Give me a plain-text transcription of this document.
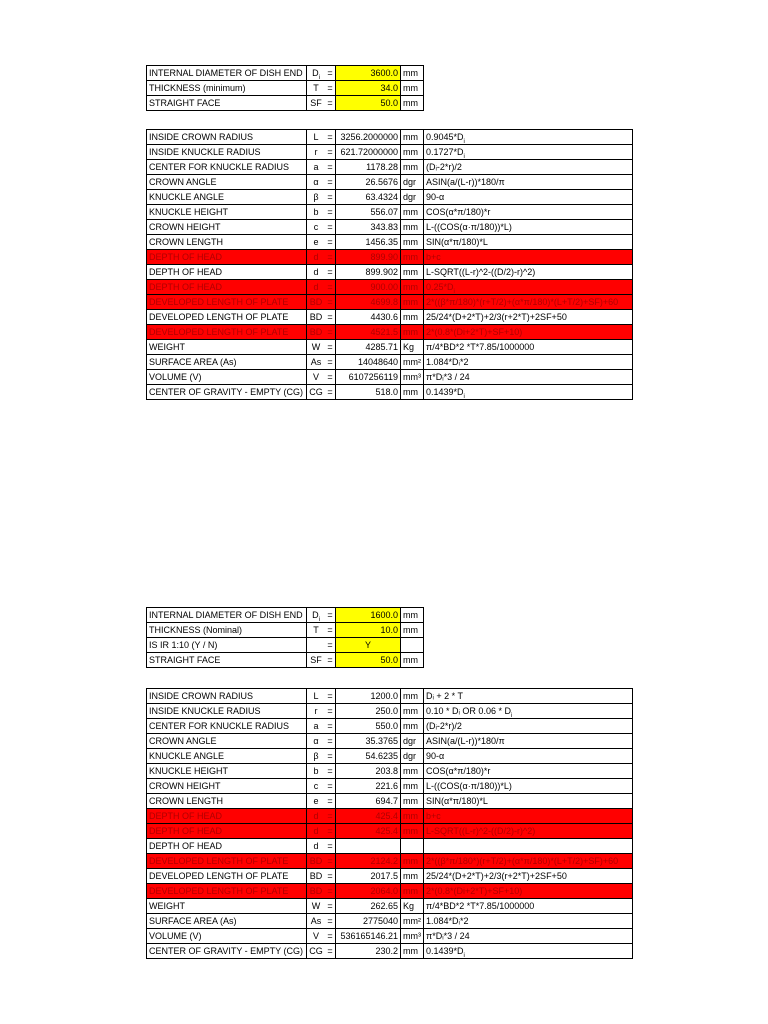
INTERNAL DIAMETER OF DISH END	$D_i$	=	3600.0	mm
THICKNESS (minimum)	T	=	34.0	mm
STRAIGHT FACE	SF	=	50.0	mm
INSIDE CROWN RADIUS	L	=	3256.2000000	mm	$0.9045*D_i$
INSIDE KNUCKLE RADIUS	r	=	621.72000000	mm	$0.1727*D_i$
CENTER FOR KNUCKLE RADIUS	a	=	1178.28	mm	(Dᵢ-2*r)/2
CROWN ANGLE	α	=	26.5676	dgr	ASIN(a/(L-r))*180/π
KNUCKLE ANGLE	β	=	63.4324	dgr	90-α
KNUCKLE HEIGHT	b	=	556.07	mm	COS(α*π/180)*r
CROWN HEIGHT	c	=	343.83	mm	L-((COS(α·π/180))*L)
CROWN LENGTH	e	=	1456.35	mm	SIN(α*π/180)*L
DEPTH OF HEAD	d	=	899.90	mm	b+c
DEPTH OF HEAD	d	=	899.902	mm	L-SQRT((L-r)^2-((D/2)-r)^2)
DEPTH OF HEAD	d	=	900.00	mm	$0.25*D_i$
DEVELOPED LENGTH OF PLATE	BD	=	4699.8	mm	2*((β*π/180)*(r+T/2)+(α*π/180)*(L+T/2)+SF)+60
DEVELOPED LENGTH OF PLATE	BD	=	4430.6	mm	25/24*(D+2*T)+2/3(r+2*T)+2SF+50
DEVELOPED LENGTH OF PLATE	BD	=	4521.5	mm	2*(0.8*(Di+2*T)+SF+10)
WEIGHT	W	=	4285.71	Kg	π/4*BD*2 *T*7.85/1000000
SURFACE AREA (As)	As	=	14048640	mm²	1.084*Dᵢ*2
VOLUME (V)	V	=	6107256119	mm³	π*Dᵢ*3 / 24
CENTER OF GRAVITY - EMPTY (CG)	CG	=	518.0	mm	$0.1439*D_i$
INTERNAL DIAMETER OF DISH END	$D_i$	=	1600.0	mm
THICKNESS (Nominal)	T	=	10.0	mm
IS IR 1:10 (Y / N)		=	Y	
STRAIGHT FACE	SF	=	50.0	mm
INSIDE CROWN RADIUS	L	=	1200.0	mm	Dᵢ + 2 * T
INSIDE KNUCKLE RADIUS	r	=	250.0	mm	0.10 * Dᵢ OR $0.06 * D_i$
CENTER FOR KNUCKLE RADIUS	a	=	550.0	mm	(Dᵢ-2*r)/2
CROWN ANGLE	α	=	35.3765	dgr	ASIN(a/(L-r))*180/π
KNUCKLE ANGLE	β	=	54.6235	dgr	90-α
KNUCKLE HEIGHT	b	=	203.8	mm	COS(α*π/180)*r
CROWN HEIGHT	c	=	221.6	mm	L-((COS(α·π/180))*L)
CROWN LENGTH	e	=	694.7	mm	SIN(α*π/180)*L
DEPTH OF HEAD	d	=	425.4	mm	b+c
DEPTH OF HEAD	d	=	425.4	mm	L-SQRT((L-r)^2-((D/2)-r)^2)
DEPTH OF HEAD	d	=			
DEVELOPED LENGTH OF PLATE	BD	=	2124.2	mm	2*((β*π/180*)(r+T/2)+(α*π/180)*(L+T/2)+SF)+60
DEVELOPED LENGTH OF PLATE	BD	=	2017.5	mm	25/24*(D+2*T)+2/3(r+2*T)+2SF+50
DEVELOPED LENGTH OF PLATE	BD	=	2064.0	mm	2*(0.8*(Di+2*T)+SF+10)
WEIGHT	W	=	262.65	Kg	π/4*BD*2 *T*7.85/1000000
SURFACE AREA (As)	As	=	2775040	mm²	1.084*Dᵢ*2
VOLUME (V)	V	=	536165146.21	mm³	π*Dᵢ*3 / 24
CENTER OF GRAVITY - EMPTY (CG)	CG	=	230.2	mm	$0.1439*D_i$
